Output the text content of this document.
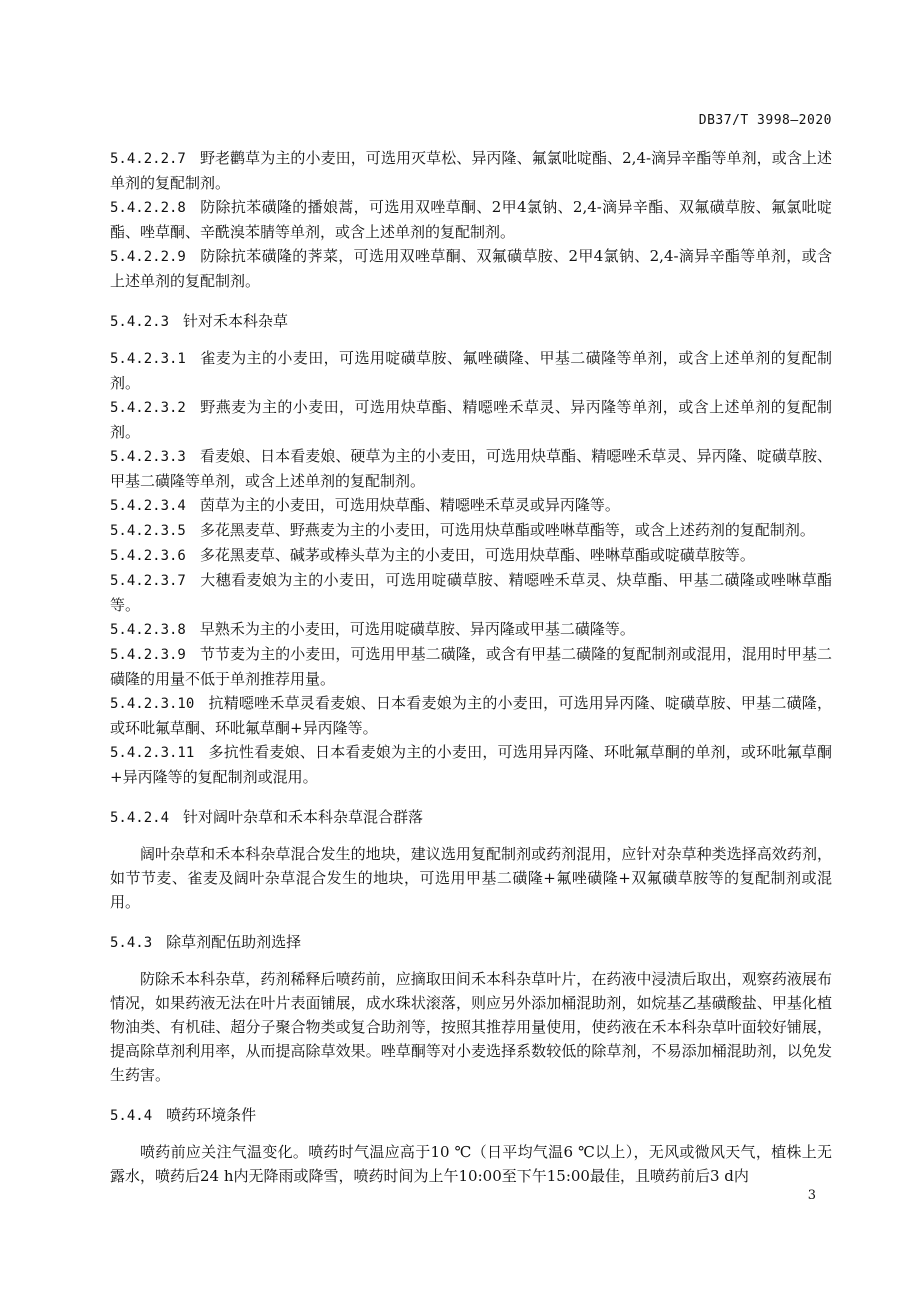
DB37/T 3998—2020

5.4.2.2.7 野老鹳草为主的小麦田，可选用灭草松、异丙隆、氟氯吡啶酯、2,4-滴异辛酯等单剂，或含上述单剂的复配制剂。

5.4.2.2.8 防除抗苯磺隆的播娘蒿，可选用双唑草酮、2甲4氯钠、2,4-滴异辛酯、双氟磺草胺、氟氯吡啶酯、唑草酮、辛酰溴苯腈等单剂，或含上述单剂的复配制剂。

5.4.2.2.9 防除抗苯磺隆的荠菜，可选用双唑草酮、双氟磺草胺、2甲4氯钠、2,4-滴异辛酯等单剂，或含上述单剂的复配制剂。

5.4.2.3 针对禾本科杂草

5.4.2.3.1 雀麦为主的小麦田，可选用啶磺草胺、氟唑磺隆、甲基二磺隆等单剂，或含上述单剂的复配制剂。

5.4.2.3.2 野燕麦为主的小麦田，可选用炔草酯、精噁唑禾草灵、异丙隆等单剂，或含上述单剂的复配制剂。

5.4.2.3.3 看麦娘、日本看麦娘、硬草为主的小麦田，可选用炔草酯、精噁唑禾草灵、异丙隆、啶磺草胺、甲基二磺隆等单剂，或含上述单剂的复配制剂。

5.4.2.3.4 茵草为主的小麦田，可选用炔草酯、精噁唑禾草灵或异丙隆等。

5.4.2.3.5 多花黑麦草、野燕麦为主的小麦田，可选用炔草酯或唑啉草酯等，或含上述药剂的复配制剂。

5.4.2.3.6 多花黑麦草、碱茅或棒头草为主的小麦田，可选用炔草酯、唑啉草酯或啶磺草胺等。

5.4.2.3.7 大穗看麦娘为主的小麦田，可选用啶磺草胺、精噁唑禾草灵、炔草酯、甲基二磺隆或唑啉草酯等。

5.4.2.3.8 早熟禾为主的小麦田，可选用啶磺草胺、异丙隆或甲基二磺隆等。

5.4.2.3.9 节节麦为主的小麦田，可选用甲基二磺隆，或含有甲基二磺隆的复配制剂或混用，混用时甲基二磺隆的用量不低于单剂推荐用量。

5.4.2.3.10 抗精噁唑禾草灵看麦娘、日本看麦娘为主的小麦田，可选用异丙隆、啶磺草胺、甲基二磺隆，或环吡氟草酮、环吡氟草酮+异丙隆等。

5.4.2.3.11 多抗性看麦娘、日本看麦娘为主的小麦田，可选用异丙隆、环吡氟草酮的单剂，或环吡氟草酮+异丙隆等的复配制剂或混用。

5.4.2.4 针对阔叶杂草和禾本科杂草混合群落

阔叶杂草和禾本科杂草混合发生的地块，建议选用复配制剂或药剂混用，应针对杂草种类选择高效药剂，如节节麦、雀麦及阔叶杂草混合发生的地块，可选用甲基二磺隆+氟唑磺隆+双氟磺草胺等的复配制剂或混用。

5.4.3 除草剂配伍助剂选择

防除禾本科杂草，药剂稀释后喷药前，应摘取田间禾本科杂草叶片，在药液中浸渍后取出，观察药液展布情况，如果药液无法在叶片表面铺展，成水珠状滚落，则应另外添加桶混助剂，如烷基乙基磺酸盐、甲基化植物油类、有机硅、超分子聚合物类或复合助剂等，按照其推荐用量使用，使药液在禾本科杂草叶面较好铺展，提高除草剂利用率，从而提高除草效果。唑草酮等对小麦选择系数较低的除草剂，不易添加桶混助剂，以免发生药害。

5.4.4 喷药环境条件

喷药前应关注气温变化。喷药时气温应高于10 ℃（日平均气温6 ℃以上），无风或微风天气，植株上无露水，喷药后24 h内无降雨或降雪，喷药时间为上午10:00至下午15:00最佳，且喷药前后3 d内

3
